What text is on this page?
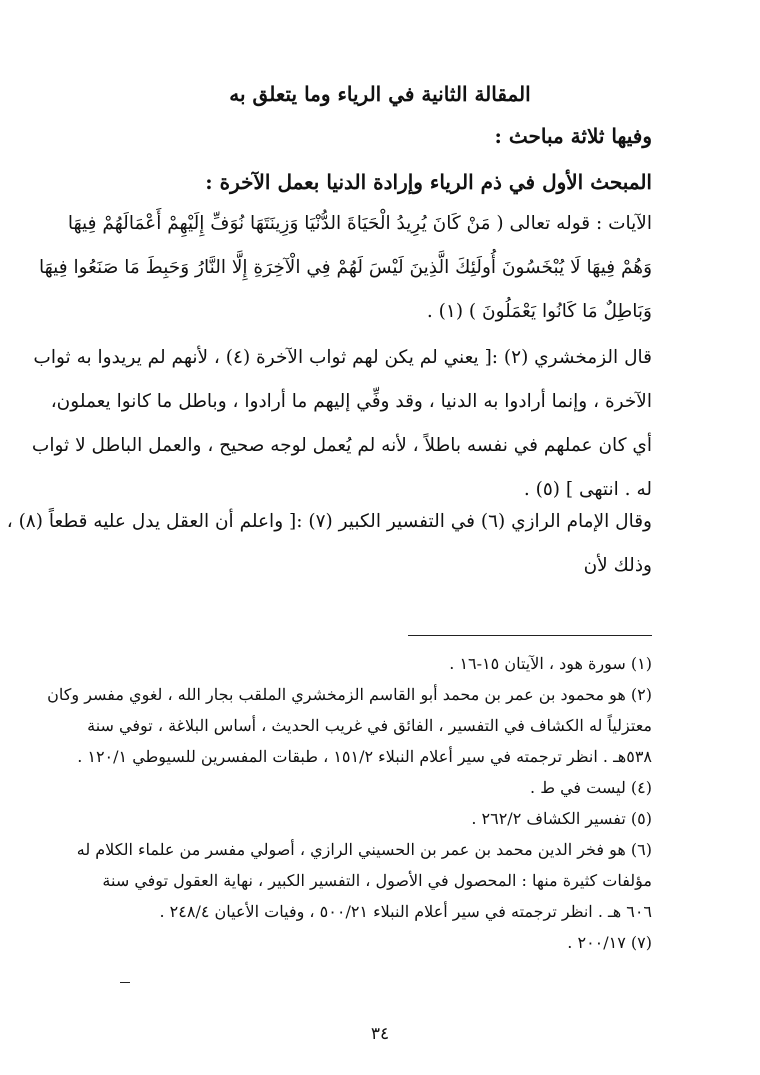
المقالة الثانية في الرياء وما يتعلق به
وفيها ثلاثة مباحث :
المبحث الأول في ذم الرياء وإرادة الدنيا بعمل الآخرة :
الآيات : قوله تعالى ( مَنْ كَانَ يُرِيدُ الْحَيَاةَ الدُّنْيَا وَزِينَتَهَا نُوَفِّ إِلَيْهِمْ أَعْمَالَهُمْ فِيهَا
وَهُمْ فِيهَا لَا يُبْخَسُونَ أُولَئِكَ الَّذِينَ لَيْسَ لَهُمْ فِي الْآخِرَةِ إِلَّا النَّارُ وَحَبِطَ مَا صَنَعُوا فِيهَا
وَبَاطِلٌ مَا كَانُوا يَعْمَلُونَ ) (١) .
قال الزمخشري (٢) :[ يعني لم يكن لهم ثواب الآخرة (٤) ، لأنهم لم يريدوا به ثواب
الآخرة ، وإنما أرادوا به الدنيا ، وقد وفِّي إليهم ما أرادوا ، وباطل ما كانوا يعملون،
أي كان عملهم في نفسه باطلاً ، لأنه لم يُعمل لوجه صحيح ، والعمل الباطل لا ثواب
له . انتهى ] (٥) .
وقال الإمام الرازي (٦) في التفسير الكبير (٧) :[ واعلم أن العقل يدل عليه قطعاً (٨) ،
وذلك لأن
(١) سورة هود ، الآيتان ١٥-١٦ .
(٢) هو محمود بن عمر بن محمد أبو القاسم الزمخشري الملقب بجار الله ، لغوي مفسر وكان
معتزلياً له الكشاف في التفسير ، الفائق في غريب الحديث ، أساس البلاغة ، توفي سنة
٥٣٨هـ . انظر ترجمته في سير أعلام النبلاء ١٥١/٢ ، طبقات المفسرين للسيوطي ١٢٠/١ .
(٤) ليست في ط .
(٥) تفسير الكشاف ٢٦٢/٢ .
(٦) هو فخر الدين محمد بن عمر بن الحسيني الرازي ، أصولي مفسر من علماء الكلام له
مؤلفات كثيرة منها : المحصول في الأصول ، التفسير الكبير ، نهاية العقول توفي سنة
٦٠٦ هـ . انظر ترجمته في سير أعلام النبلاء ٥٠٠/٢١ ، وفيات الأعيان ٢٤٨/٤ .
(٧) ٢٠٠/١٧ .
٣٤
